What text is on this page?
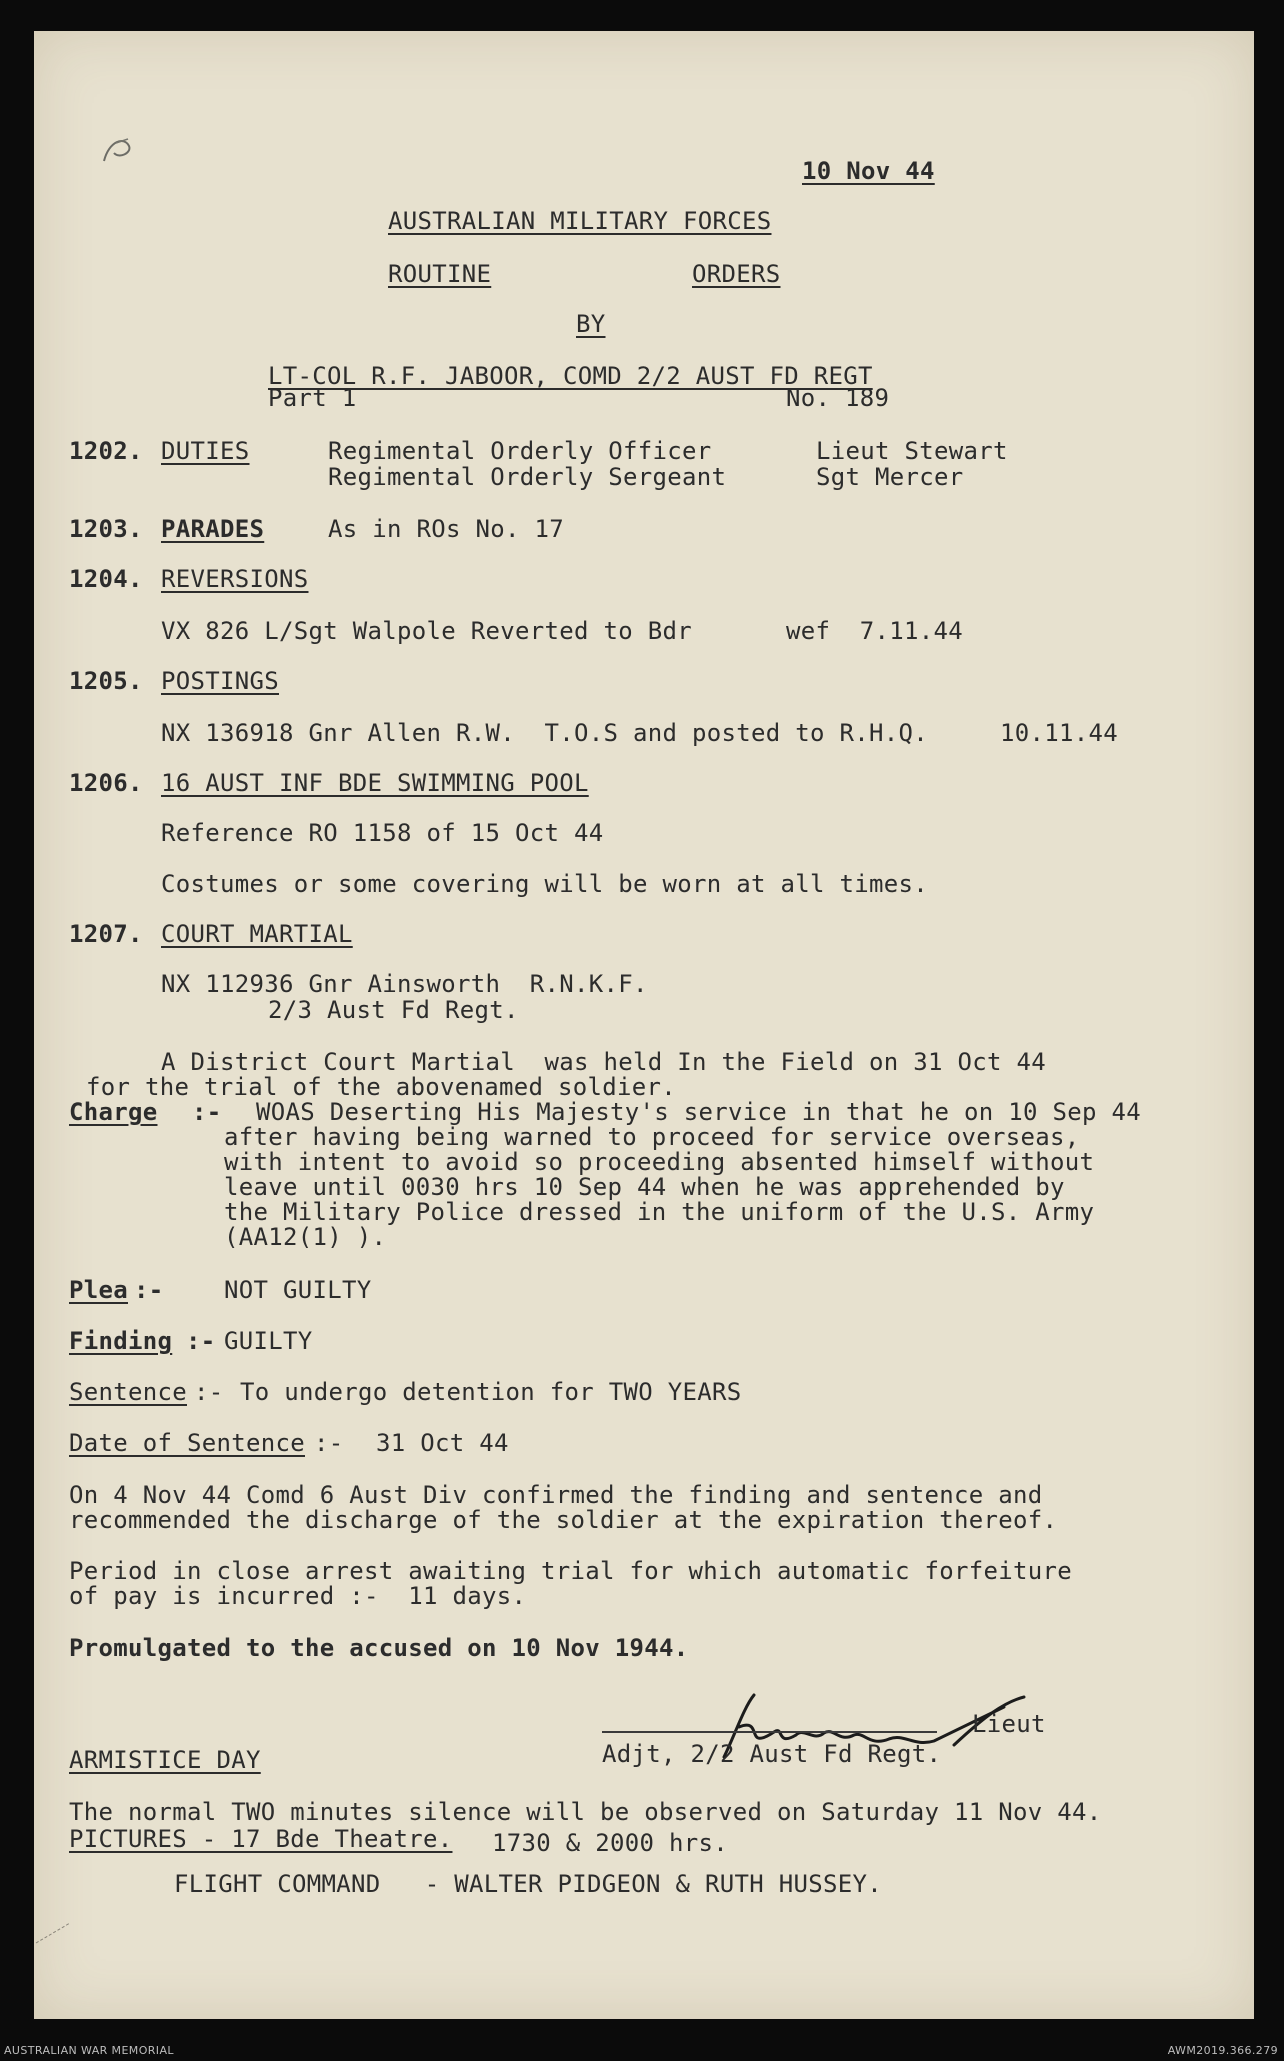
10 Nov 44
AUSTRALIAN MILITARY FORCES
ROUTINE	ORDERS
BY
LT-COL R.F. JABOOR, COMD 2/2 AUST FD REGT
Part 1	No. 189
1202. DUTIES	Regimental Orderly Officer	Lieut Stewart
Regimental Orderly Sergeant	Sgt Mercer
1203. PARADES	As in ROs No. 17
1204. REVERSIONS
VX 826 L/Sgt Walpole Reverted to Bdr	wef  7.11.44
1205. POSTINGS
NX 136918 Gnr Allen R.W.  T.O.S and posted to R.H.Q.	10.11.44
1206. 16 AUST INF BDE SWIMMING POOL
Reference RO 1158 of 15 Oct 44
Costumes or some covering will be worn at all times.
1207. COURT MARTIAL
NX 112936 Gnr Ainsworth  R.N.K.F.
2/3 Aust Fd Regt.
A District Court Martial  was held In the Field on 31 Oct 44
for the trial of the abovenamed soldier.
Charge :- WOAS Deserting His Majesty's service in that he on 10 Sep 44
after having being warned to proceed for service overseas,
with intent to avoid so proceeding absented himself without
leave until 0030 hrs 10 Sep 44 when he was apprehended by
the Military Police dressed in the uniform of the U.S. Army
(AA12(1) ).
Plea :-	NOT GUILTY
Finding :- GUILTY
Sentence :- To undergo detention for TWO YEARS
Date of Sentence :- 31 Oct 44
On 4 Nov 44 Comd 6 Aust Div confirmed the finding and sentence and
recommended the discharge of the soldier at the expiration thereof.
Period in close arrest awaiting trial for which automatic forfeiture
of pay is incurred :-  11 days.
Promulgated to the accused on 10 Nov 1944.
Lieut
Adjt, 2/2 Aust Fd Regt.
ARMISTICE DAY
The normal TWO minutes silence will be observed on Saturday 11 Nov 44.
PICTURES - 17 Bde Theatre. 1730 & 2000 hrs.
FLIGHT COMMAND   - WALTER PIDGEON & RUTH HUSSEY.
AUSTRALIAN WAR MEMORIAL	AWM2019.366.279
